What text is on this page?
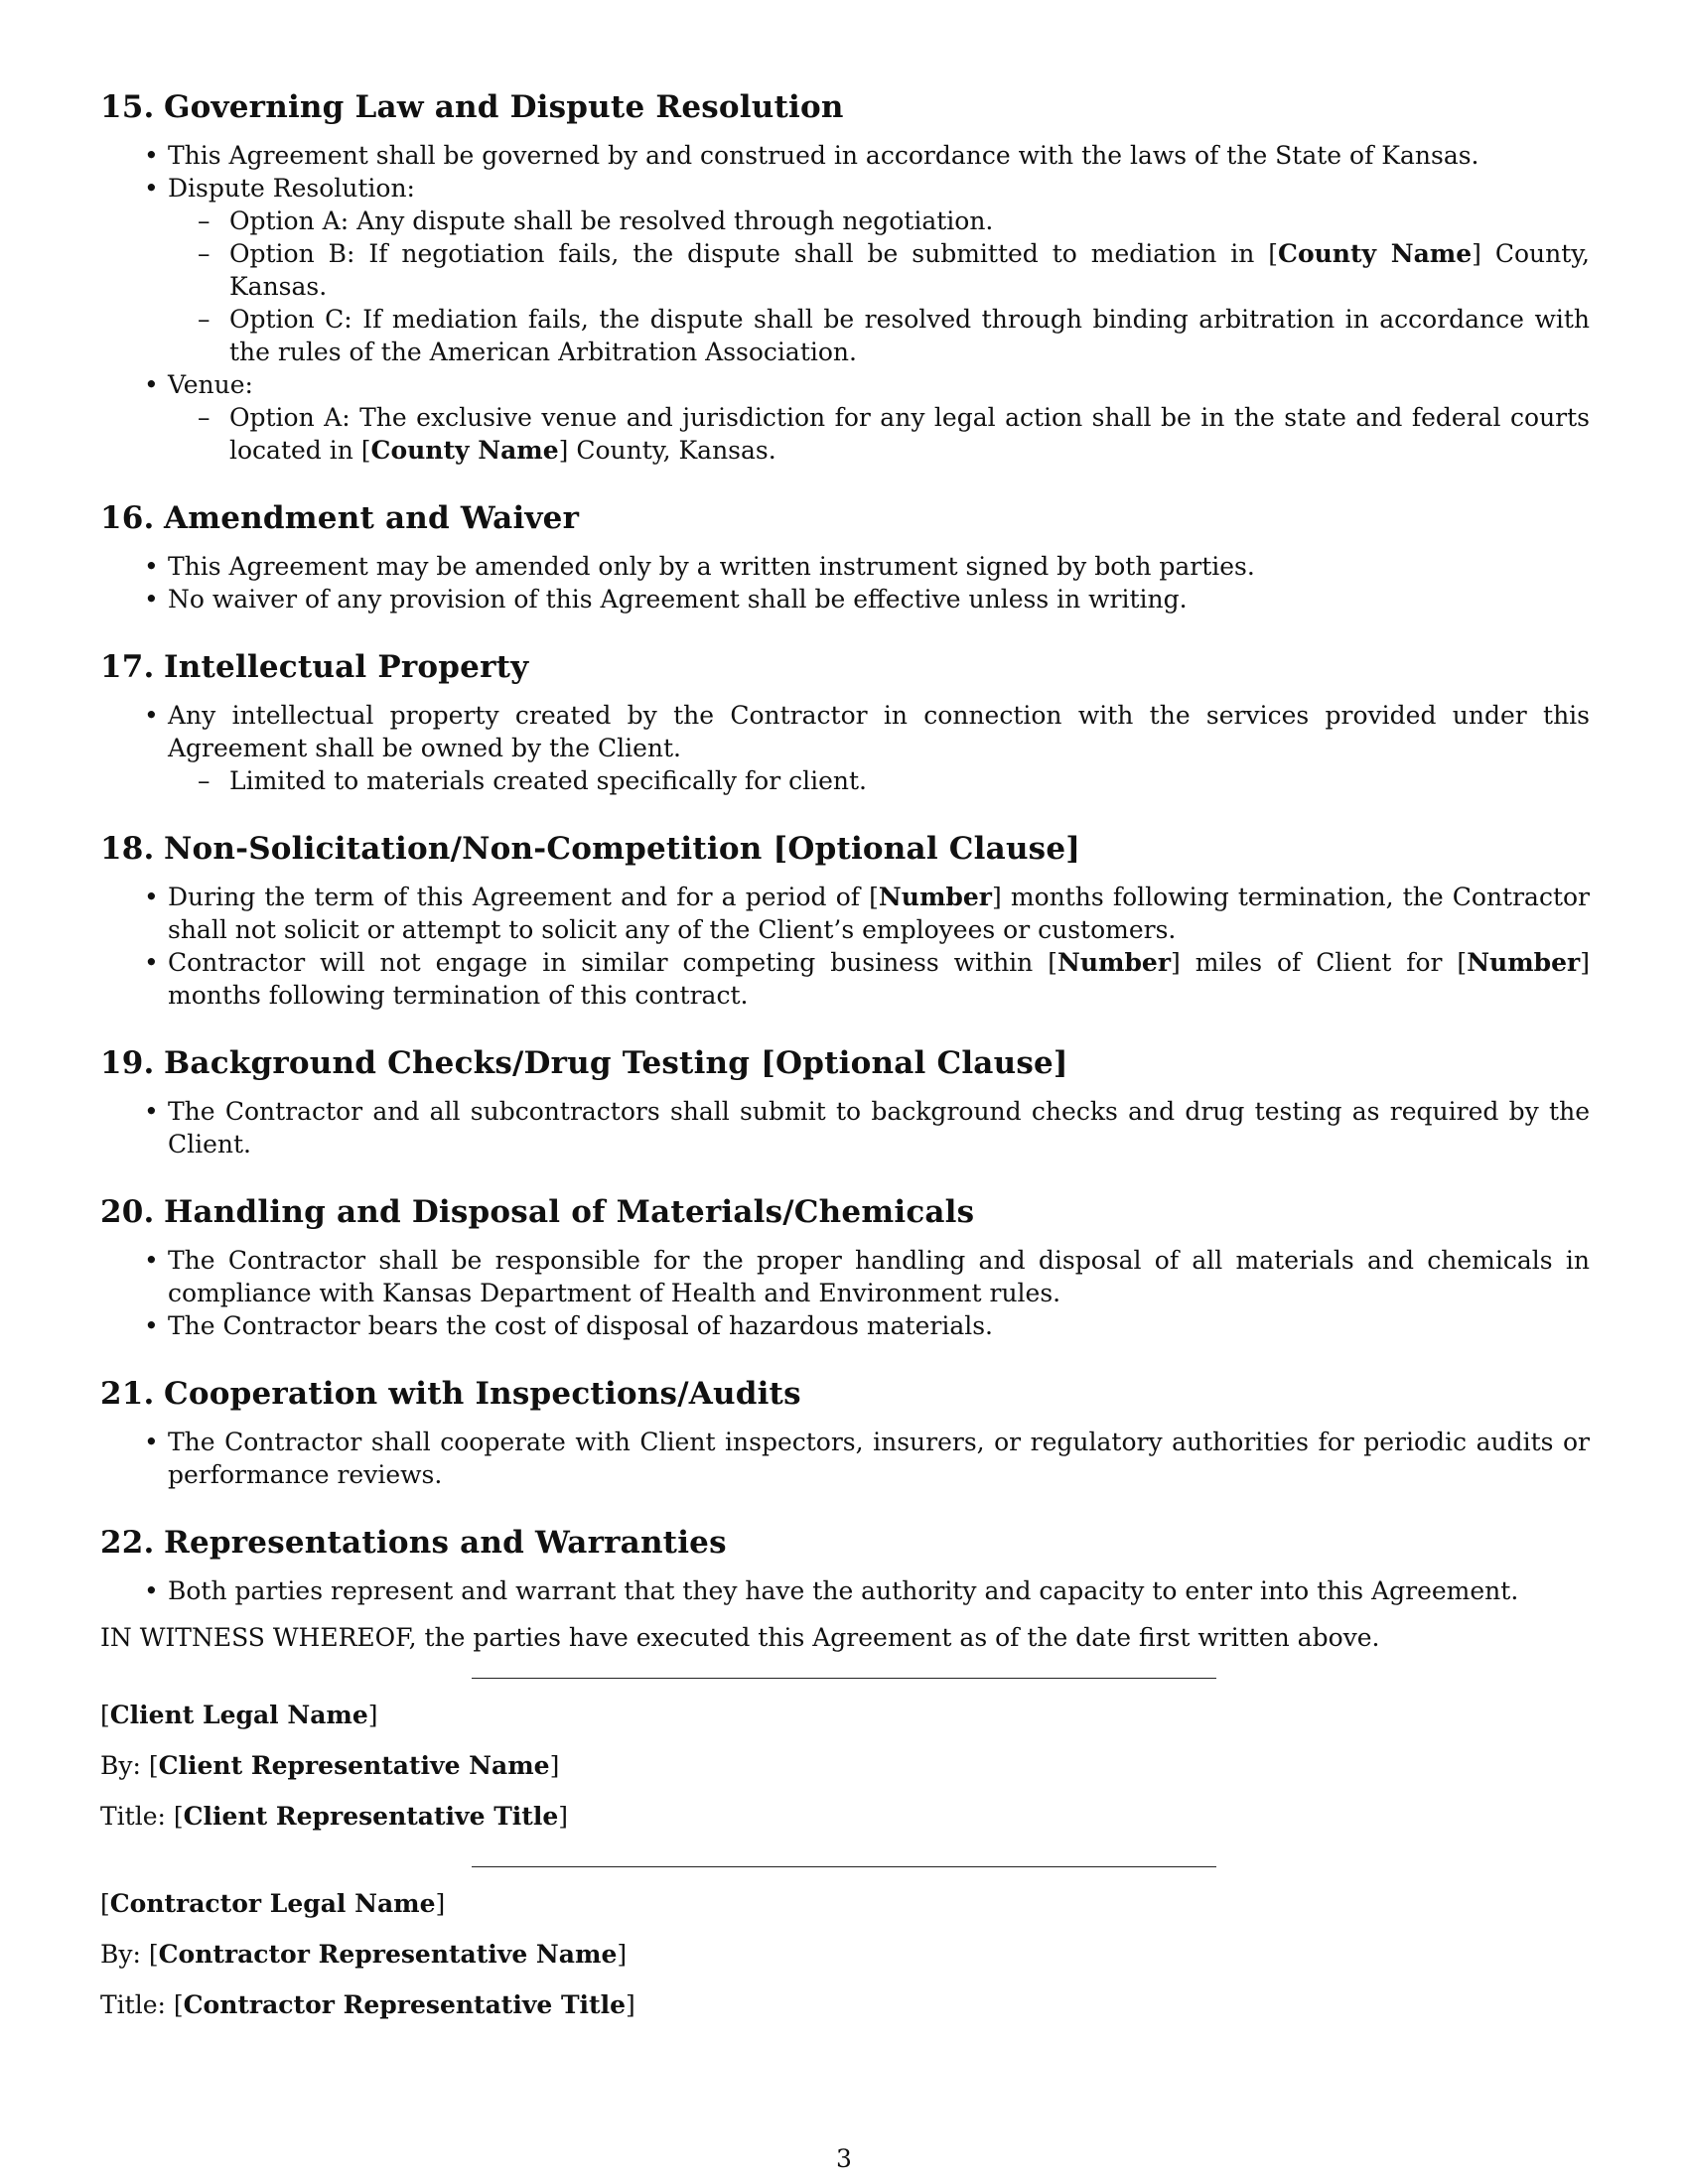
15. Governing Law and Dispute Resolution
• This Agreement shall be governed by and construed in accordance with the laws of the State of Kansas.
• Dispute Resolution:
– Option A: Any dispute shall be resolved through negotiation.
– Option B: If negotiation fails, the dispute shall be submitted to mediation in [County Name] County, Kansas.
– Option C: If mediation fails, the dispute shall be resolved through binding arbitration in accordance with the rules of the American Arbitration Association.
• Venue:
– Option A: The exclusive venue and jurisdiction for any legal action shall be in the state and federal courts located in [County Name] County, Kansas.
16. Amendment and Waiver
• This Agreement may be amended only by a written instrument signed by both parties.
• No waiver of any provision of this Agreement shall be effective unless in writing.
17. Intellectual Property
• Any intellectual property created by the Contractor in connection with the services provided under this Agreement shall be owned by the Client.
– Limited to materials created specifically for client.
18. Non-Solicitation/Non-Competition [Optional Clause]
• During the term of this Agreement and for a period of [Number] months following termination, the Contractor shall not solicit or attempt to solicit any of the Client’s employees or customers.
• Contractor will not engage in similar competing business within [Number] miles of Client for [Number] months following termination of this contract.
19. Background Checks/Drug Testing [Optional Clause]
• The Contractor and all subcontractors shall submit to background checks and drug testing as required by the Client.
20. Handling and Disposal of Materials/Chemicals
• The Contractor shall be responsible for the proper handling and disposal of all materials and chemicals in compliance with Kansas Department of Health and Environment rules.
• The Contractor bears the cost of disposal of hazardous materials.
21. Cooperation with Inspections/Audits
• The Contractor shall cooperate with Client inspectors, insurers, or regulatory authorities for periodic audits or performance reviews.
22. Representations and Warranties
• Both parties represent and warrant that they have the authority and capacity to enter into this Agreement.

IN WITNESS WHEREOF, the parties have executed this Agreement as of the date first written above.

[Client Legal Name]

By: [Client Representative Name]

Title: [Client Representative Title]

[Contractor Legal Name]

By: [Contractor Representative Name]

Title: [Contractor Representative Title]

3
